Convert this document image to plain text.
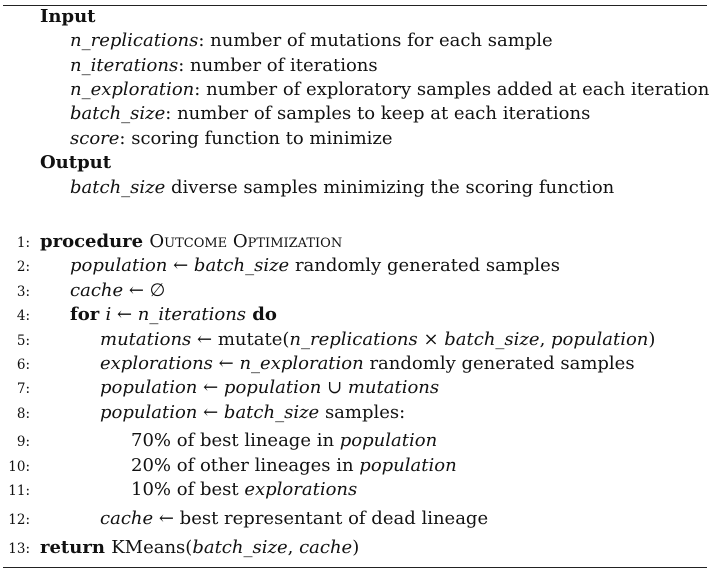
Input
n_replications: number of mutations for each sample
n_iterations: number of iterations
n_exploration: number of exploratory samples added at each iteration
batch_size: number of samples to keep at each iterations
score: scoring function to minimize
Output
batch_size diverse samples minimizing the scoring function
1: procedure Outcome Optimization
2: population ← batch_size randomly generated samples
3: cache ← ∅
4: for i ← n_iterations do
5:	mutations ← mutate(n_replications × batch_size, population)
6:	explorations ← n_exploration randomly generated samples
7:	population ← population ∪ mutations
8:	population ← batch_size samples:
9:	70% of best lineage in population
10:	20% of other lineages in population
11:	10% of best explorations
12:	cache ← best representant of dead lineage
13: return KMeans(batch_size, cache)
